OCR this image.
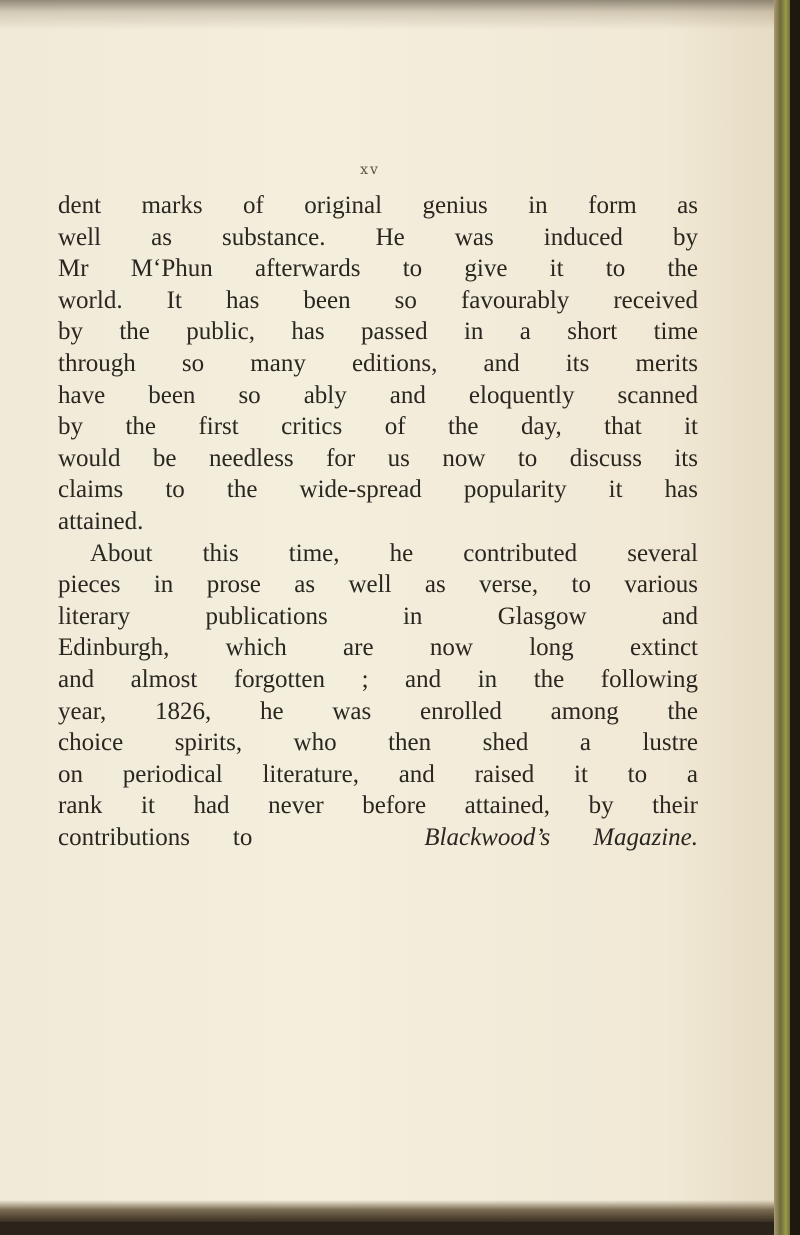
xv
dent marks of original genius in form as
well as substance. He was induced by
Mr M‘Phun afterwards to give it to the
world. It has been so favourably received
by the public, has passed in a short time
through so many editions, and its merits
have been so ably and eloquently scanned
by the first critics of the day, that it
would be needless for us now to discuss its
claims to the wide-spread popularity it has
attained.
About this time, he contributed several
pieces in prose as well as verse, to various
literary publications in Glasgow and
Edinburgh, which are now long extinct
and almost forgotten ; and in the following
year, 1826, he was enrolled among the
choice spirits, who then shed a lustre
on periodical literature, and raised it to a
rank it had never before attained, by their
contributions to	Blackwood’s Magazine.
